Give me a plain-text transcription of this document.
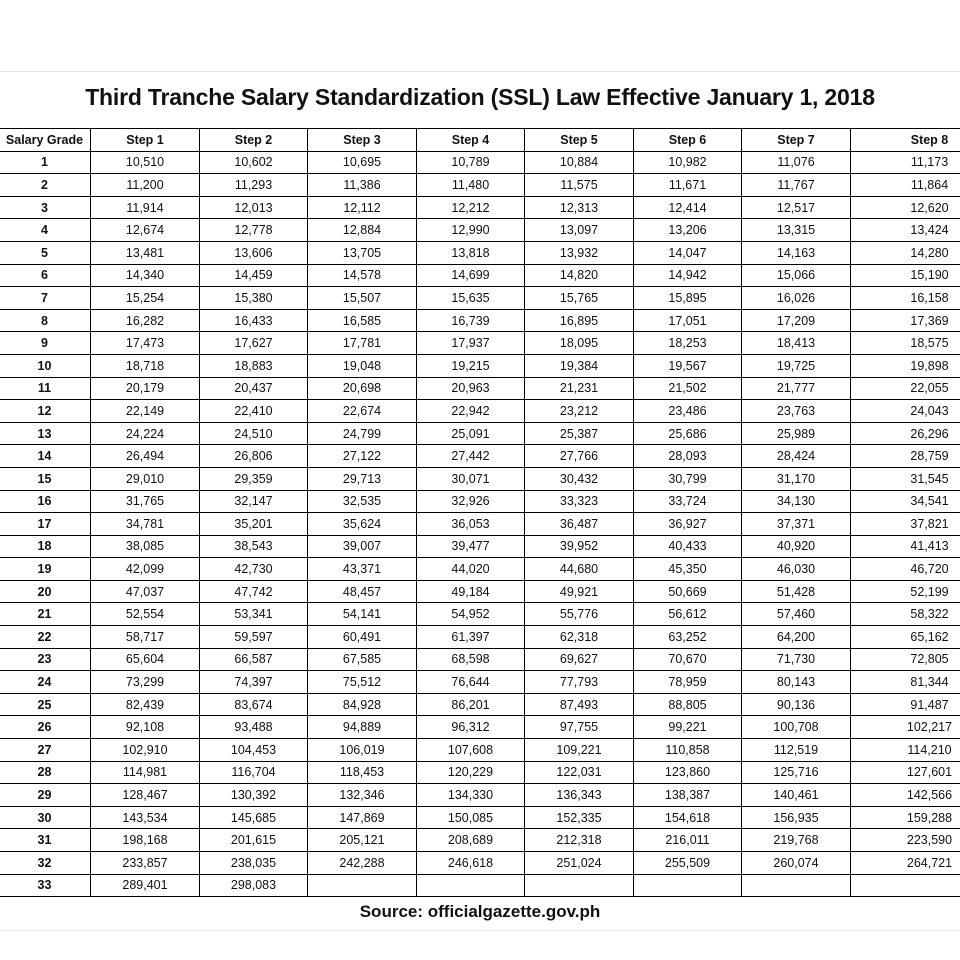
Third Tranche Salary Standardization (SSL) Law Effective January 1, 2018
Salary Grade	Step 1	Step 2	Step 3	Step 4	Step 5	Step 6	Step 7	Step 8
1	10,510	10,602	10,695	10,789	10,884	10,982	11,076	11,173
2	11,200	11,293	11,386	11,480	11,575	11,671	11,767	11,864
3	11,914	12,013	12,112	12,212	12,313	12,414	12,517	12,620
4	12,674	12,778	12,884	12,990	13,097	13,206	13,315	13,424
5	13,481	13,606	13,705	13,818	13,932	14,047	14,163	14,280
6	14,340	14,459	14,578	14,699	14,820	14,942	15,066	15,190
7	15,254	15,380	15,507	15,635	15,765	15,895	16,026	16,158
8	16,282	16,433	16,585	16,739	16,895	17,051	17,209	17,369
9	17,473	17,627	17,781	17,937	18,095	18,253	18,413	18,575
10	18,718	18,883	19,048	19,215	19,384	19,567	19,725	19,898
11	20,179	20,437	20,698	20,963	21,231	21,502	21,777	22,055
12	22,149	22,410	22,674	22,942	23,212	23,486	23,763	24,043
13	24,224	24,510	24,799	25,091	25,387	25,686	25,989	26,296
14	26,494	26,806	27,122	27,442	27,766	28,093	28,424	28,759
15	29,010	29,359	29,713	30,071	30,432	30,799	31,170	31,545
16	31,765	32,147	32,535	32,926	33,323	33,724	34,130	34,541
17	34,781	35,201	35,624	36,053	36,487	36,927	37,371	37,821
18	38,085	38,543	39,007	39,477	39,952	40,433	40,920	41,413
19	42,099	42,730	43,371	44,020	44,680	45,350	46,030	46,720
20	47,037	47,742	48,457	49,184	49,921	50,669	51,428	52,199
21	52,554	53,341	54,141	54,952	55,776	56,612	57,460	58,322
22	58,717	59,597	60,491	61,397	62,318	63,252	64,200	65,162
23	65,604	66,587	67,585	68,598	69,627	70,670	71,730	72,805
24	73,299	74,397	75,512	76,644	77,793	78,959	80,143	81,344
25	82,439	83,674	84,928	86,201	87,493	88,805	90,136	91,487
26	92,108	93,488	94,889	96,312	97,755	99,221	100,708	102,217
27	102,910	104,453	106,019	107,608	109,221	110,858	112,519	114,210
28	114,981	116,704	118,453	120,229	122,031	123,860	125,716	127,601
29	128,467	130,392	132,346	134,330	136,343	138,387	140,461	142,566
30	143,534	145,685	147,869	150,085	152,335	154,618	156,935	159,288
31	198,168	201,615	205,121	208,689	212,318	216,011	219,768	223,590
32	233,857	238,035	242,288	246,618	251,024	255,509	260,074	264,721
33	289,401	298,083						
Source: officialgazette.gov.ph
